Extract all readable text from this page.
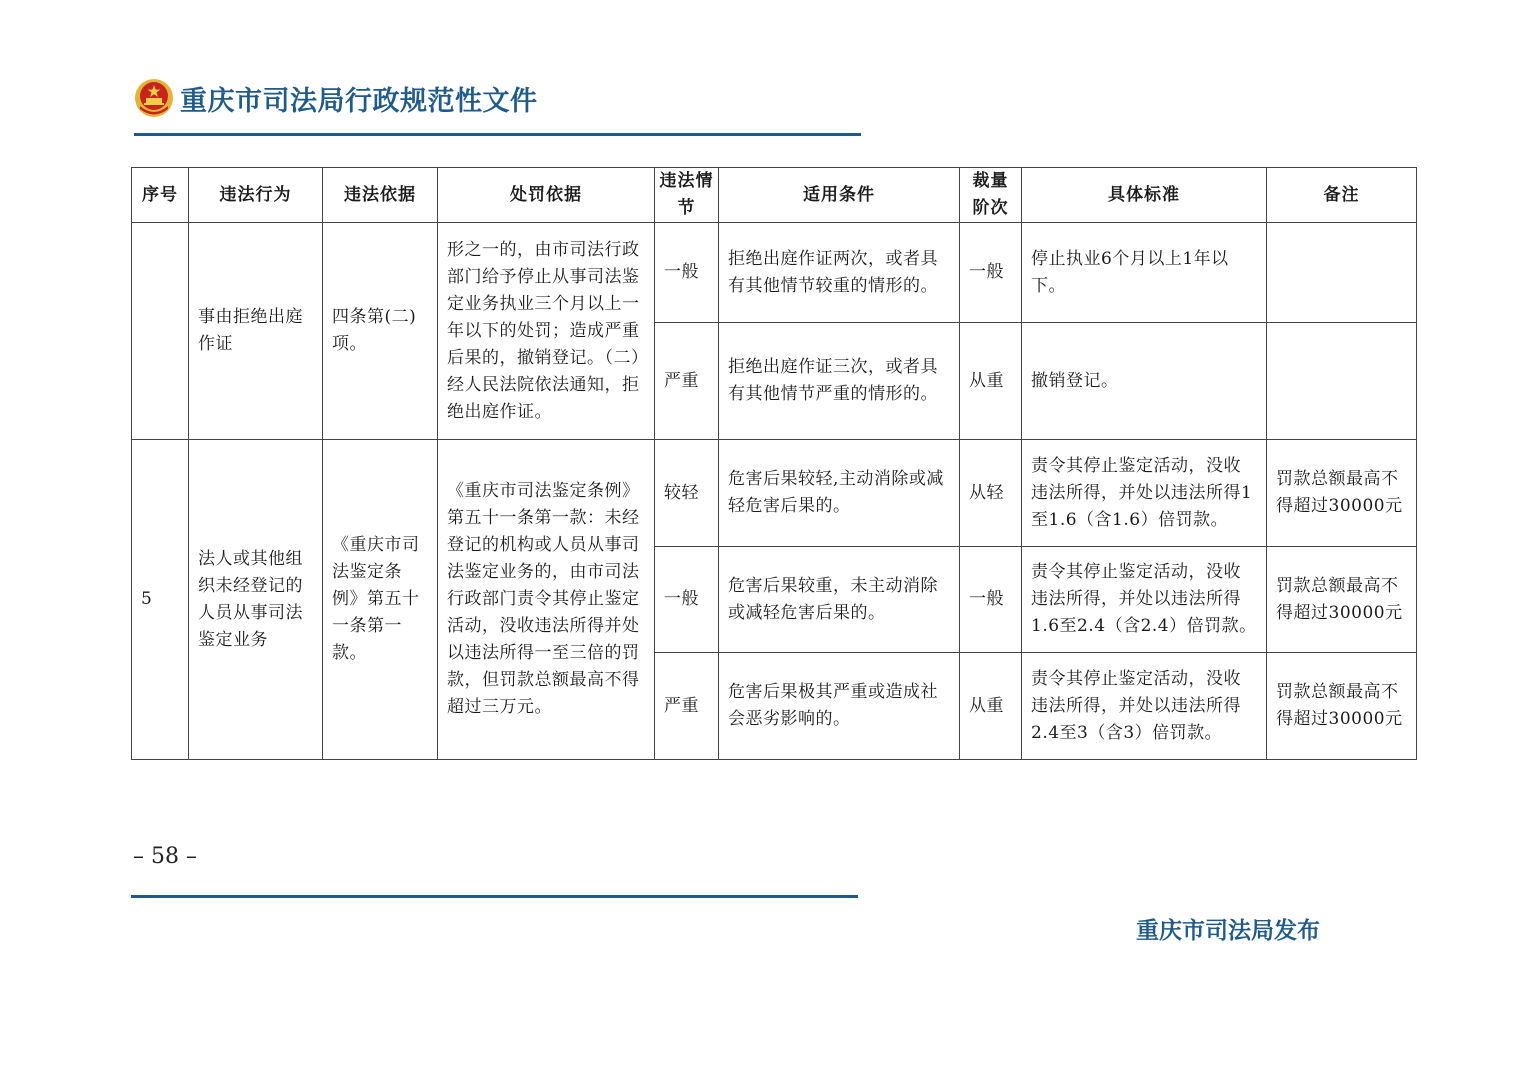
重庆市司法局行政规范性文件
序号	违法行为	违法依据	处罚依据	违法情节	适用条件	裁量阶次	具体标准	备注
	事由拒绝出庭作证	四条第(二)项。	形之一的，由市司法行政部门给予停止从事司法鉴定业务执业三个月以上一年以下的处罚；造成严重后果的，撤销登记。（二）经人民法院依法通知，拒绝出庭作证。	一般	拒绝出庭作证两次，或者具有其他情节较重的情形的。	一般	停止执业6个月以上1年以下。	
				严重	拒绝出庭作证三次，或者具有其他情节严重的情形的。	从重	撤销登记。	
5	法人或其他组织未经登记的人员从事司法鉴定业务	《重庆市司法鉴定条例》第五十一条第一款。	《重庆市司法鉴定条例》第五十一条第一款：未经登记的机构或人员从事司法鉴定业务的，由市司法行政部门责令其停止鉴定活动，没收违法所得并处以违法所得一至三倍的罚款，但罚款总额最高不得超过三万元。	较轻	危害后果较轻,主动消除或减轻危害后果的。	从轻	责令其停止鉴定活动，没收违法所得，并处以违法所得1至1.6（含1.6）倍罚款。	罚款总额最高不得超过30000元
				一般	危害后果较重，未主动消除或减轻危害后果的。	一般	责令其停止鉴定活动，没收违法所得，并处以违法所得1.6至2.4（含2.4）倍罚款。	罚款总额最高不得超过30000元
				严重	危害后果极其严重或造成社会恶劣影响的。	从重	责令其停止鉴定活动，没收违法所得，并处以违法所得2.4至3（含3）倍罚款。	罚款总额最高不得超过30000元
– 58 –
重庆市司法局发布
